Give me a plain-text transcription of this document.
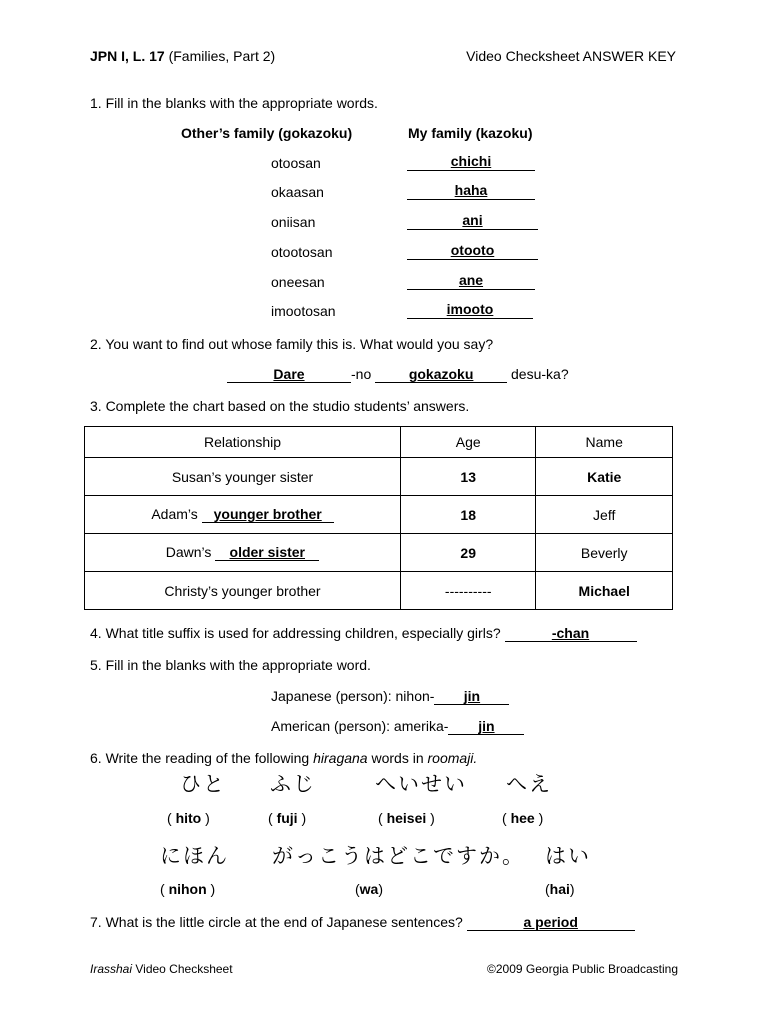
JPN I, L. 17 (Families, Part 2)	Video Checksheet ANSWER KEY
1. Fill in the blanks with the appropriate words.
Other’s family (gokazoku)	My family (kazoku)
otoosan	chichi
okaasan	haha
oniisan	ani
otootosan	otooto
oneesan	ane
imootosan	imooto
2. You want to find out whose family this is. What would you say?
Dare	-no	gokazoku	desu-ka?
3. Complete the chart based on the studio students’ answers.
Relationship	Age	Name
Susan’s younger sister	13	Katie
Adam’s younger brother	18	Jeff
Dawn’s older sister	29	Beverly
Christy’s younger brother	----------	Michael
4. What title suffix is used for addressing children, especially girls?	-chan
5. Fill in the blanks with the appropriate word.
Japanese (person): nihon- jin
American (person): amerika- jin
6. Write the reading of the following hiragana words in roomaji.
ひと ふじ	へいせい へえ
( hito )	( fuji )	( heisei )	( hee )
にほん がっこうはどこですか。 はい
( nihon )	(wa)	(hai)
7. What is the little circle at the end of Japanese sentences?	a period
Irasshai Video Checksheet	©2009 Georgia Public Broadcasting
